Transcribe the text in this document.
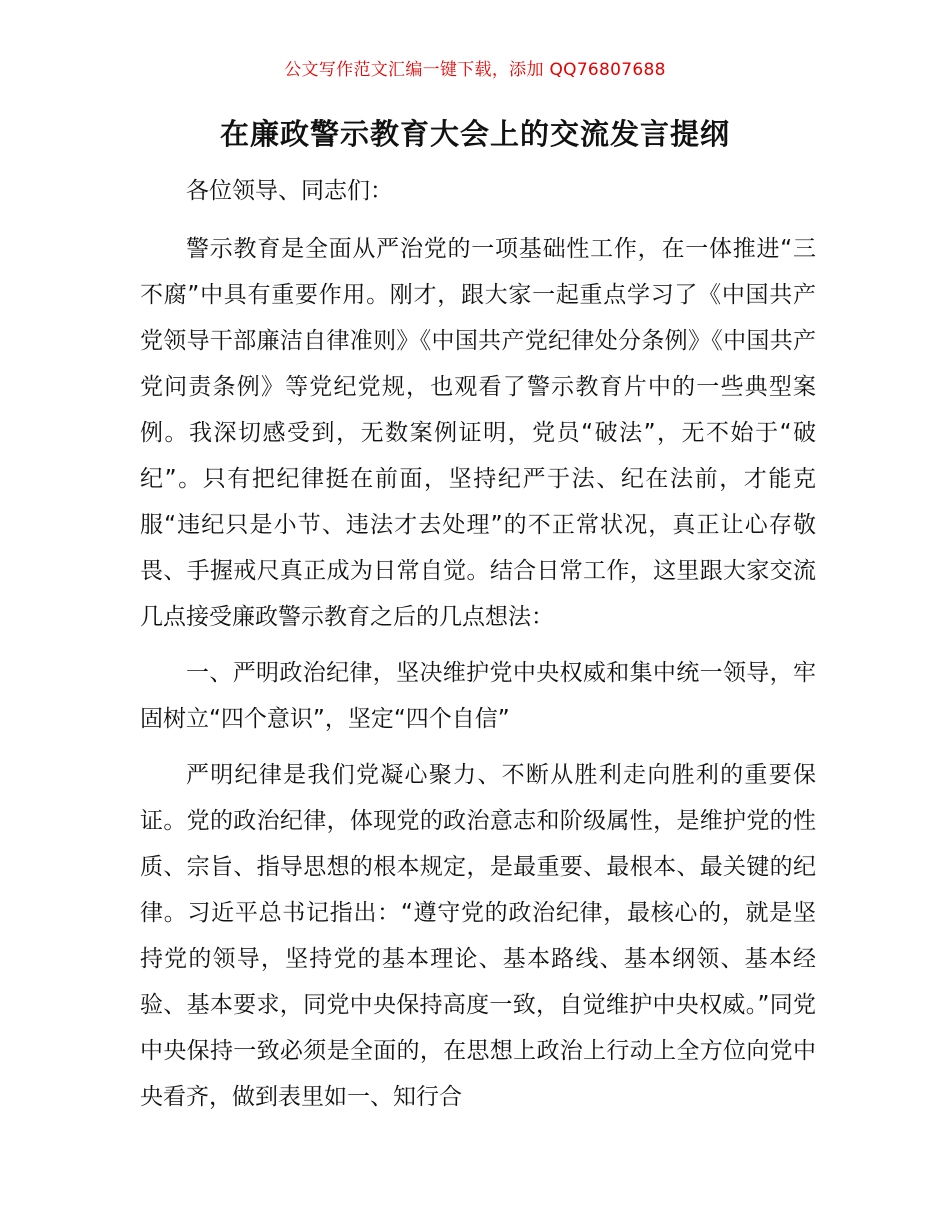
公文写作范文汇编一键下载，添加 QQ76807688
在廉政警示教育大会上的交流发言提纲

各位领导、同志们：

警示教育是全面从严治党的一项基础性工作，在一体推进“三不腐”中具有重要作用。刚才，跟大家一起重点学习了《中国共产党领导干部廉洁自律准则》《中国共产党纪律处分条例》《中国共产党问责条例》等党纪党规，也观看了警示教育片中的一些典型案例。我深切感受到，无数案例证明，党员“破法”，无不始于“破纪”。只有把纪律挺在前面，坚持纪严于法、纪在法前，才能克服“违纪只是小节、违法才去处理”的不正常状况，真正让心存敬畏、手握戒尺真正成为日常自觉。结合日常工作，这里跟大家交流几点接受廉政警示教育之后的几点想法：

一、严明政治纪律，坚决维护党中央权威和集中统一领导，牢固树立“四个意识”，坚定“四个自信”

严明纪律是我们党凝心聚力、不断从胜利走向胜利的重要保证。党的政治纪律，体现党的政治意志和阶级属性，是维护党的性质、宗旨、指导思想的根本规定，是最重要、最根本、最关键的纪律。习近平总书记指出：“遵守党的政治纪律，最核心的，就是坚持党的领导，坚持党的基本理论、基本路线、基本纲领、基本经验、基本要求，同党中央保持高度一致，自觉维护中央权威。”同党中央保持一致必须是全面的，在思想上政治上行动上全方位向党中央看齐，做到表里如一、知行合
